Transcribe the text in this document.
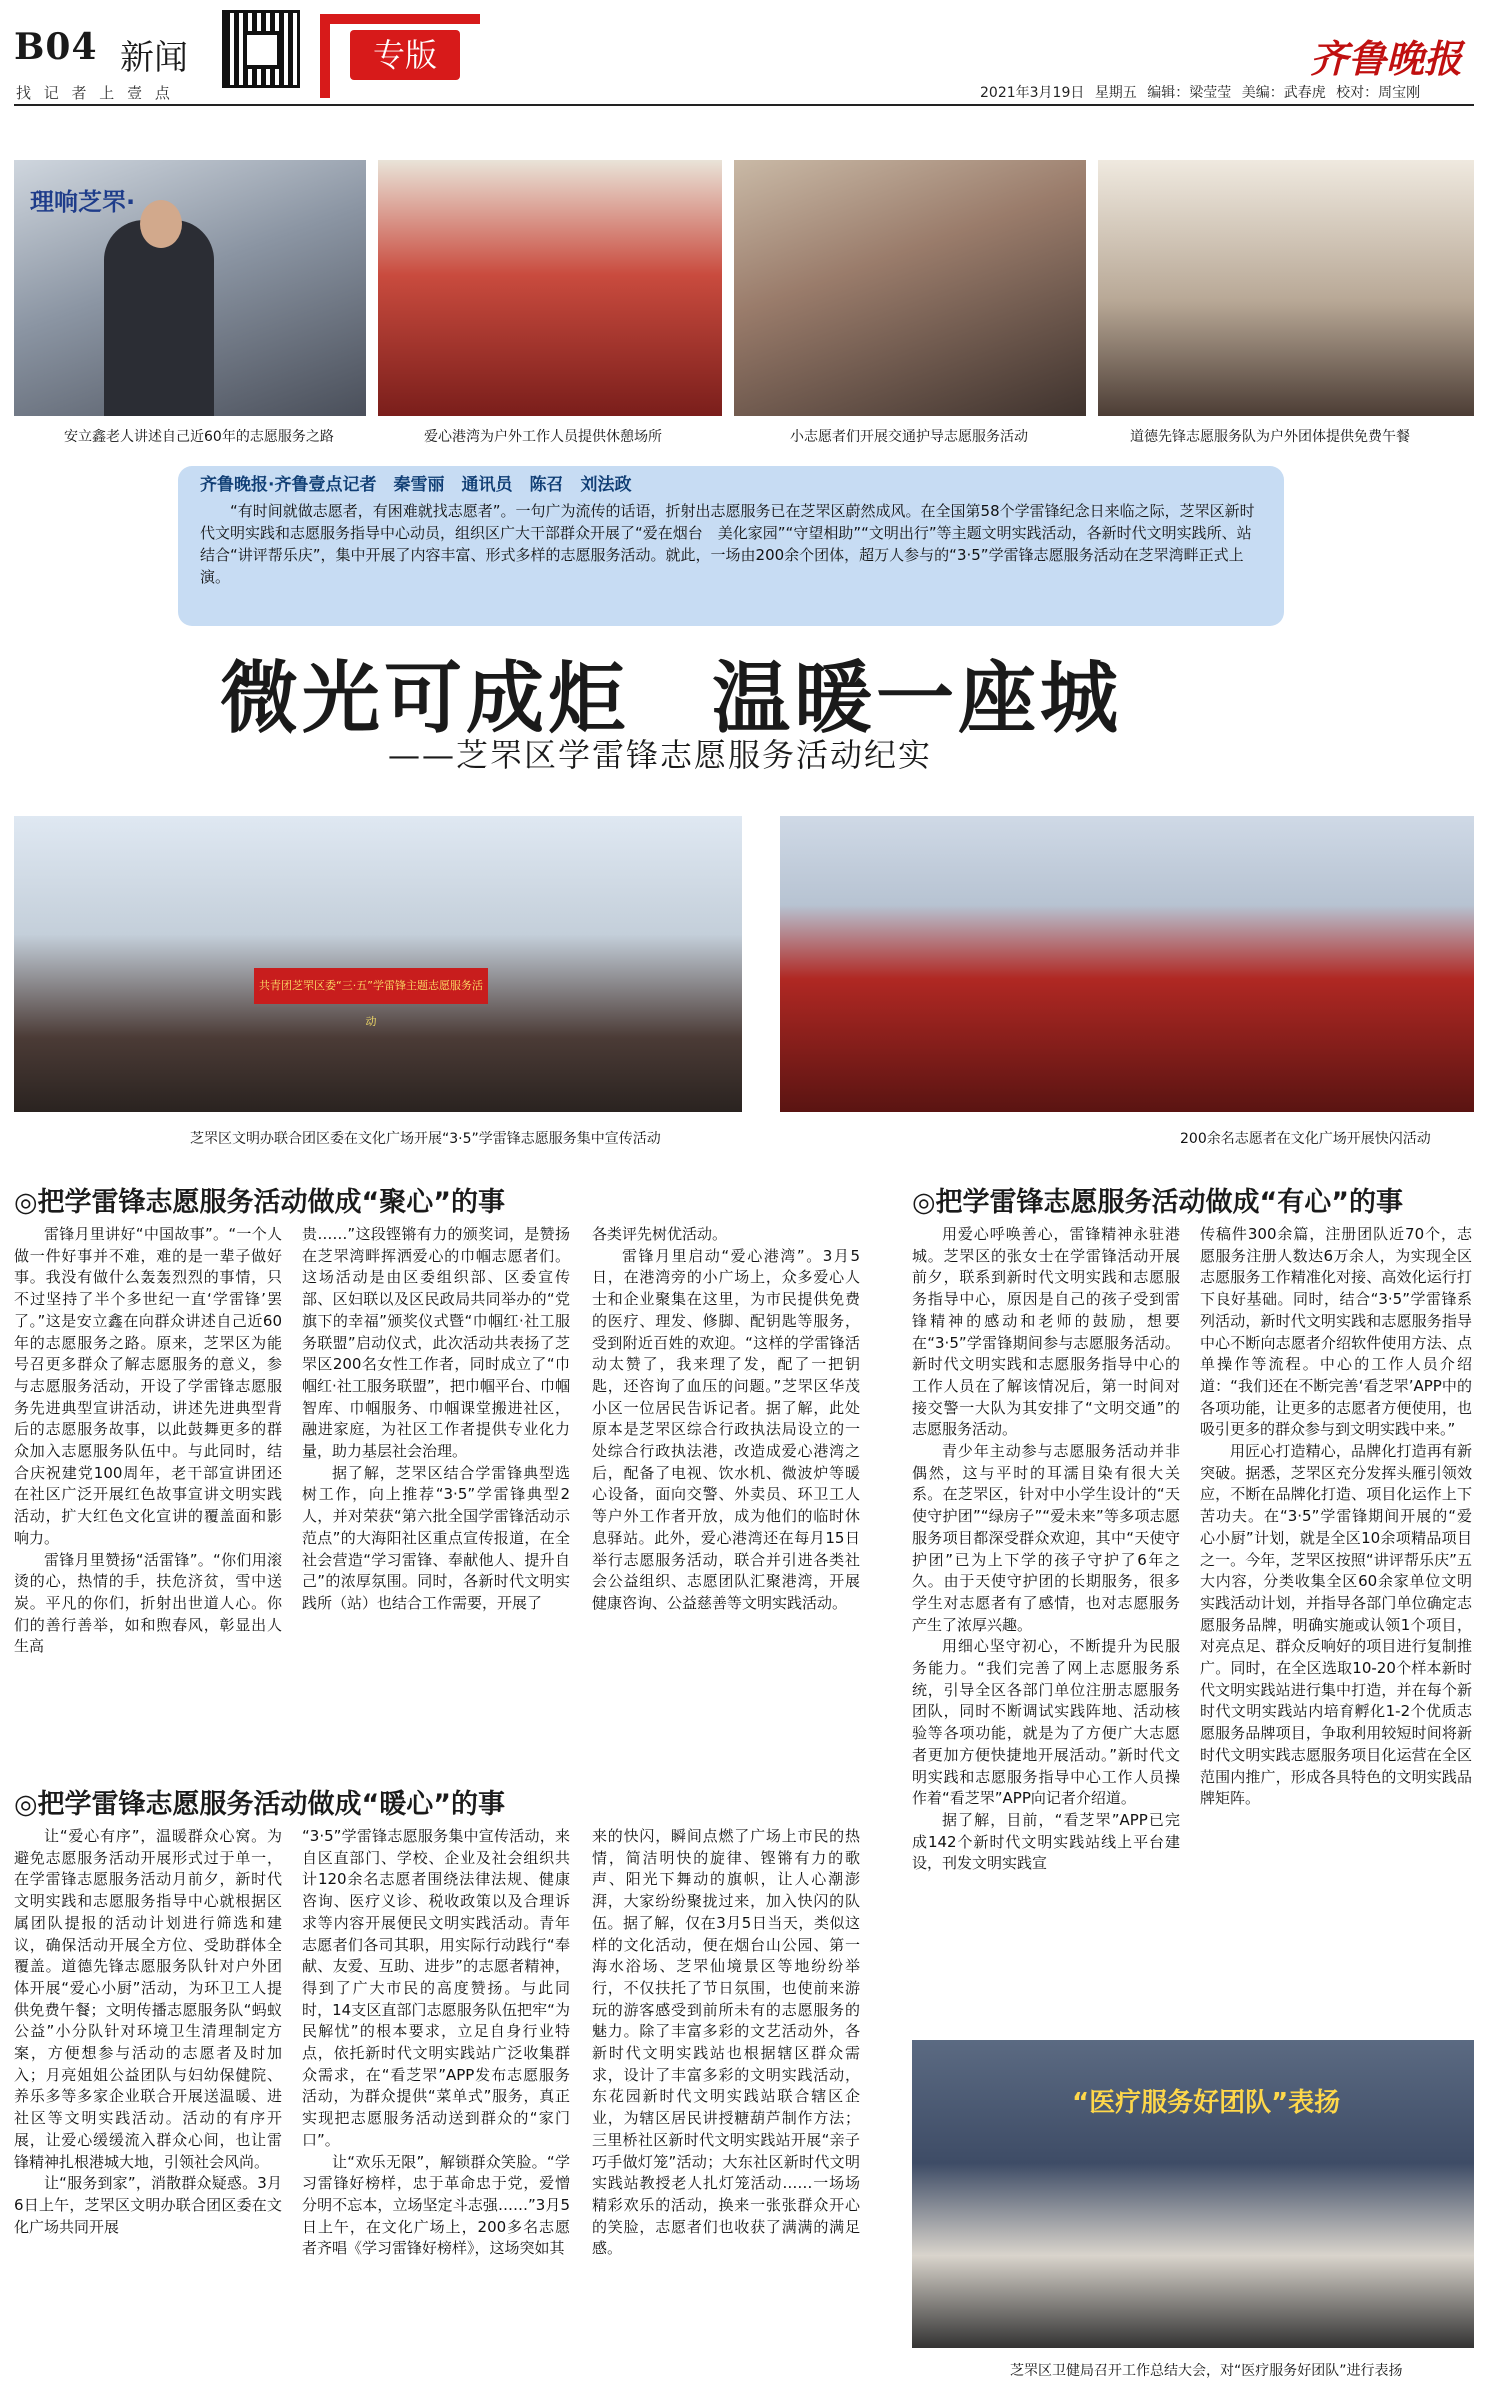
B04 新闻
找 记 者 上 壹 点
专版	齐鲁晚报
2021年3月19日 星期五 编辑：梁莹莹 美编：武春虎 校对：周宝刚
理响芝罘·
安立鑫老人讲述自己近60年的志愿服务之路	爱心港湾为户外工作人员提供休憩场所	小志愿者们开展交通护导志愿服务活动	道德先锋志愿服务队为户外团体提供免费午餐
齐鲁晚报·齐鲁壹点记者　秦雪丽　通讯员　陈召　刘法政
“有时间就做志愿者，有困难就找志愿者”。一句广为流传的话语，折射出志愿服务已在芝罘区蔚然成风。在全国第58个学雷锋纪念日来临之际，芝罘区新时代文明实践和志愿服务指导中心动员，组织区广大干部群众开展了“爱在烟台　美化家园”“守望相助”“文明出行”等主题文明实践活动，各新时代文明实践所、站结合“讲评帮乐庆”，集中开展了内容丰富、形式多样的志愿服务活动。就此，一场由200余个团体，超万人参与的“3·5”学雷锋志愿服务活动在芝罘湾畔正式上演。
微光可成炬　温暖一座城
——芝罘区学雷锋志愿服务活动纪实
共青团芝罘区委“三·五”学雷锋主题志愿服务活动
芝罘区文明办联合团区委在文化广场开展“3·5”学雷锋志愿服务集中宣传活动	200余名志愿者在文化广场开展快闪活动
◎把学雷锋志愿服务活动做成“聚心”的事
◎把学雷锋志愿服务活动做成“暖心”的事
◎把学雷锋志愿服务活动做成“有心”的事

雷锋月里讲好“中国故事”。“一个人做一件好事并不难，难的是一辈子做好事。我没有做什么轰轰烈烈的事情，只不过坚持了半个多世纪一直‘学雷锋’罢了。”这是安立鑫在向群众讲述自己近60年的志愿服务之路。原来，芝罘区为能号召更多群众了解志愿服务的意义，参与志愿服务活动，开设了学雷锋志愿服务先进典型宣讲活动，讲述先进典型背后的志愿服务故事，以此鼓舞更多的群众加入志愿服务队伍中。与此同时，结合庆祝建党100周年，老干部宣讲团还在社区广泛开展红色故事宣讲文明实践活动，扩大红色文化宣讲的覆盖面和影响力。

雷锋月里赞扬“活雷锋”。“你们用滚烫的心，热情的手，扶危济贫，雪中送炭。平凡的你们，折射出世道人心。你们的善行善举，如和煦春风，彰显出人生高

贵……”这段铿锵有力的颁奖词，是赞扬在芝罘湾畔挥洒爱心的巾帼志愿者们。这场活动是由区委组织部、区委宣传部、区妇联以及区民政局共同举办的“党旗下的幸福”颁奖仪式暨“巾帼红·社工服务联盟”启动仪式，此次活动共表扬了芝罘区200名女性工作者，同时成立了“巾帼红·社工服务联盟”，把巾帼平台、巾帼智库、巾帼服务、巾帼课堂搬进社区，融进家庭，为社区工作者提供专业化力量，助力基层社会治理。

据了解，芝罘区结合学雷锋典型选树工作，向上推荐“3·5”学雷锋典型2人，并对荣获“第六批全国学雷锋活动示范点”的大海阳社区重点宣传报道，在全社会营造“学习雷锋、奉献他人、提升自己”的浓厚氛围。同时，各新时代文明实践所（站）也结合工作需要，开展了

各类评先树优活动。

雷锋月里启动“爱心港湾”。3月5日，在港湾旁的小广场上，众多爱心人士和企业聚集在这里，为市民提供免费的医疗、理发、修脚、配钥匙等服务，受到附近百姓的欢迎。“这样的学雷锋活动太赞了，我来理了发，配了一把钥匙，还咨询了血压的问题。”芝罘区华茂小区一位居民告诉记者。据了解，此处原本是芝罘区综合行政执法局设立的一处综合行政执法港，改造成爱心港湾之后，配备了电视、饮水机、微波炉等暖心设备，面向交警、外卖员、环卫工人等户外工作者开放，成为他们的临时休息驿站。此外，爱心港湾还在每月15日举行志愿服务活动，联合并引进各类社会公益组织、志愿团队汇聚港湾，开展健康咨询、公益慈善等文明实践活动。

让“爱心有序”，温暖群众心窝。为避免志愿服务活动开展形式过于单一，在学雷锋志愿服务活动月前夕，新时代文明实践和志愿服务指导中心就根据区属团队提报的活动计划进行筛选和建议，确保活动开展全方位、受助群体全覆盖。道德先锋志愿服务队针对户外团体开展“爱心小厨”活动，为环卫工人提供免费午餐；文明传播志愿服务队“蚂蚁公益”小分队针对环境卫生清理制定方案，方便想参与活动的志愿者及时加入；月亮姐姐公益团队与妇幼保健院、养乐多等多家企业联合开展送温暖、进社区等文明实践活动。活动的有序开展，让爱心缓缓流入群众心间，也让雷锋精神扎根港城大地，引领社会风尚。

让“服务到家”，消散群众疑惑。3月6日上午，芝罘区文明办联合团区委在文化广场共同开展

“3·5”学雷锋志愿服务集中宣传活动，来自区直部门、学校、企业及社会组织共计120余名志愿者围绕法律法规、健康咨询、医疗义诊、税收政策以及合理诉求等内容开展便民文明实践活动。青年志愿者们各司其职，用实际行动践行“奉献、友爱、互助、进步”的志愿者精神，得到了广大市民的高度赞扬。与此同时，14支区直部门志愿服务队伍把牢“为民解忧”的根本要求，立足自身行业特点，依托新时代文明实践站广泛收集群众需求，在“看芝罘”APP发布志愿服务活动，为群众提供“菜单式”服务，真正实现把志愿服务活动送到群众的“家门口”。

让“欢乐无限”，解锁群众笑脸。“学习雷锋好榜样，忠于革命忠于党，爱憎分明不忘本，立场坚定斗志强……”3月5日上午，在文化广场上，200多名志愿者齐唱《学习雷锋好榜样》，这场突如其

来的快闪，瞬间点燃了广场上市民的热情，简洁明快的旋律、铿锵有力的歌声、阳光下舞动的旗帜，让人心潮澎湃，大家纷纷聚拢过来，加入快闪的队伍。据了解，仅在3月5日当天，类似这样的文化活动，便在烟台山公园、第一海水浴场、芝罘仙境景区等地纷纷举行，不仅扶托了节日氛围，也使前来游玩的游客感受到前所未有的志愿服务的魅力。除了丰富多彩的文艺活动外，各新时代文明实践站也根据辖区群众需求，设计了丰富多彩的文明实践活动，东花园新时代文明实践站联合辖区企业，为辖区居民讲授糖葫芦制作方法；三里桥社区新时代文明实践站开展“亲子巧手做灯笼”活动；大东社区新时代文明实践站教授老人扎灯笼活动……一场场精彩欢乐的活动，换来一张张群众开心的笑脸，志愿者们也收获了满满的满足感。

用爱心呼唤善心，雷锋精神永驻港城。芝罘区的张女士在学雷锋活动开展前夕，联系到新时代文明实践和志愿服务指导中心，原因是自己的孩子受到雷锋精神的感动和老师的鼓励，想要在“3·5”学雷锋期间参与志愿服务活动。新时代文明实践和志愿服务指导中心的工作人员在了解该情况后，第一时间对接交警一大队为其安排了“文明交通”的志愿服务活动。

青少年主动参与志愿服务活动并非偶然，这与平时的耳濡目染有很大关系。在芝罘区，针对中小学生设计的“天使守护团”“绿房子”“爱未来”等多项志愿服务项目都深受群众欢迎，其中“天使守护团”已为上下学的孩子守护了6年之久。由于天使守护团的长期服务，很多学生对志愿者有了感情，也对志愿服务产生了浓厚兴趣。

用细心坚守初心，不断提升为民服务能力。“我们完善了网上志愿服务系统，引导全区各部门单位注册志愿服务团队，同时不断调试实践阵地、活动核验等各项功能，就是为了方便广大志愿者更加方便快捷地开展活动。”新时代文明实践和志愿服务指导中心工作人员操作着“看芝罘”APP向记者介绍道。

据了解，目前，“看芝罘”APP已完成142个新时代文明实践站线上平台建设，刊发文明实践宣

传稿件300余篇，注册团队近70个，志愿服务注册人数达6万余人，为实现全区志愿服务工作精准化对接、高效化运行打下良好基础。同时，结合“3·5”学雷锋系列活动，新时代文明实践和志愿服务指导中心不断向志愿者介绍软件使用方法、点单操作等流程。中心的工作人员介绍道：“我们还在不断完善‘看芝罘’APP中的各项功能，让更多的志愿者方便使用，也吸引更多的群众参与到文明实践中来。”

用匠心打造精心，品牌化打造再有新突破。据悉，芝罘区充分发挥头雁引领效应，不断在品牌化打造、项目化运作上下苦功夫。在“3·5”学雷锋期间开展的“爱心小厨”计划，就是全区10余项精品项目之一。今年，芝罘区按照“讲评帮乐庆”五大内容，分类收集全区60余家单位文明实践活动计划，并指导各部门单位确定志愿服务品牌，明确实施或认领1个项目，对亮点足、群众反响好的项目进行复制推广。同时，在全区选取10-20个样本新时代文明实践站进行集中打造，并在每个新时代文明实践站内培育孵化1-2个优质志愿服务品牌项目，争取利用较短时间将新时代文明实践志愿服务项目化运营在全区范围内推广，形成各具特色的文明实践品牌矩阵。

“医疗服务好团队”表扬
芝罘区卫健局召开工作总结大会，对“医疗服务好团队”进行表扬
